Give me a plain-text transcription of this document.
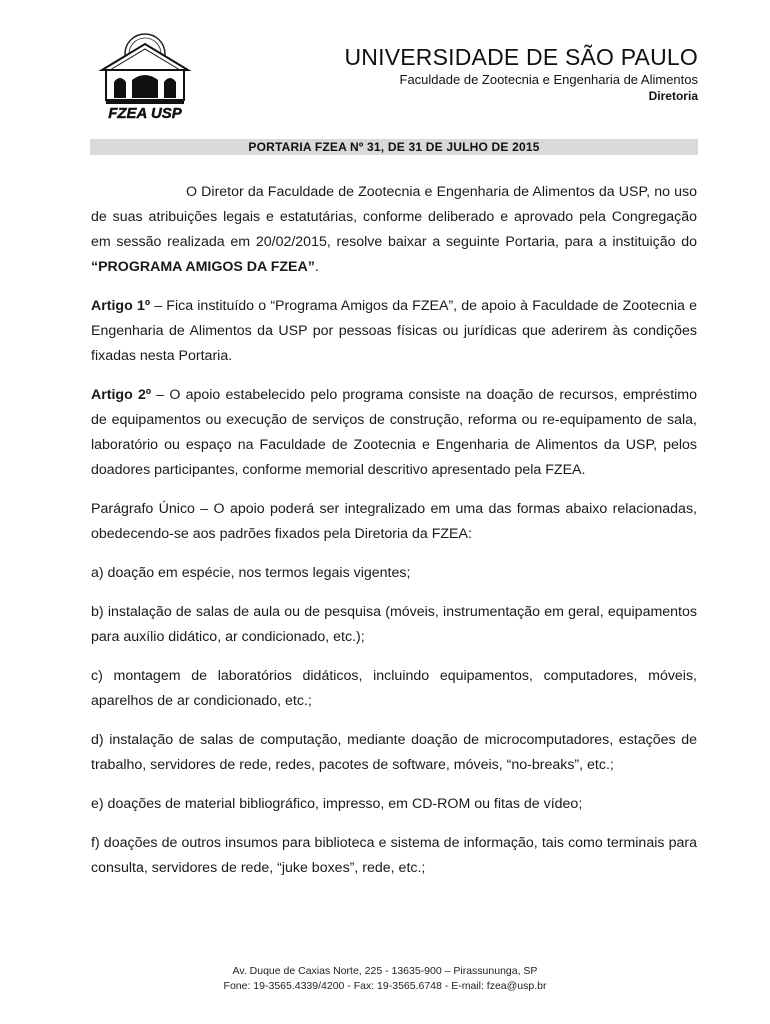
FZEA USP
UNIVERSIDADE DE SÃO PAULO
Faculdade de Zootecnia e Engenharia de Alimentos
Diretoria
PORTARIA FZEA Nº 31, DE 31 DE JULHO DE 2015

O Diretor da Faculdade de Zootecnia e Engenharia de Alimentos da USP, no uso de suas atribuições legais e estatutárias, conforme deliberado e aprovado pela Congregação em sessão realizada em 20/02/2015, resolve baixar a seguinte Portaria, para a instituição do “PROGRAMA AMIGOS DA FZEA”.

Artigo 1º – Fica instituído o “Programa Amigos da FZEA”, de apoio à Faculdade de Zootecnia e Engenharia de Alimentos da USP por pessoas físicas ou jurídicas que aderirem às condições fixadas nesta Portaria.

Artigo 2º – O apoio estabelecido pelo programa consiste na doação de recursos, empréstimo de equipamentos ou execução de serviços de construção, reforma ou re-equipamento de sala, laboratório ou espaço na Faculdade de Zootecnia e Engenharia de Alimentos da USP, pelos doadores participantes, conforme memorial descritivo apresentado pela FZEA.

Parágrafo Único – O apoio poderá ser integralizado em uma das formas abaixo relacionadas, obedecendo-se aos padrões fixados pela Diretoria da FZEA:

a) doação em espécie, nos termos legais vigentes;

b) instalação de salas de aula ou de pesquisa (móveis, instrumentação em geral, equipamentos para auxílio didático, ar condicionado, etc.);

c) montagem de laboratórios didáticos, incluindo equipamentos, computadores, móveis, aparelhos de ar condicionado, etc.;

d) instalação de salas de computação, mediante doação de microcomputadores, estações de trabalho, servidores de rede, redes, pacotes de software, móveis, “no-breaks”, etc.;

e) doações de material bibliográfico, impresso, em CD-ROM ou fitas de vídeo;

f) doações de outros insumos para biblioteca e sistema de informação, tais como terminais para consulta, servidores de rede, “juke boxes”, rede, etc.;

Av. Duque de Caxias Norte, 225 - 13635-900 – Pirassununga, SP
Fone: 19-3565.4339/4200 - Fax: 19-3565.6748 - E-mail: fzea@usp.br
